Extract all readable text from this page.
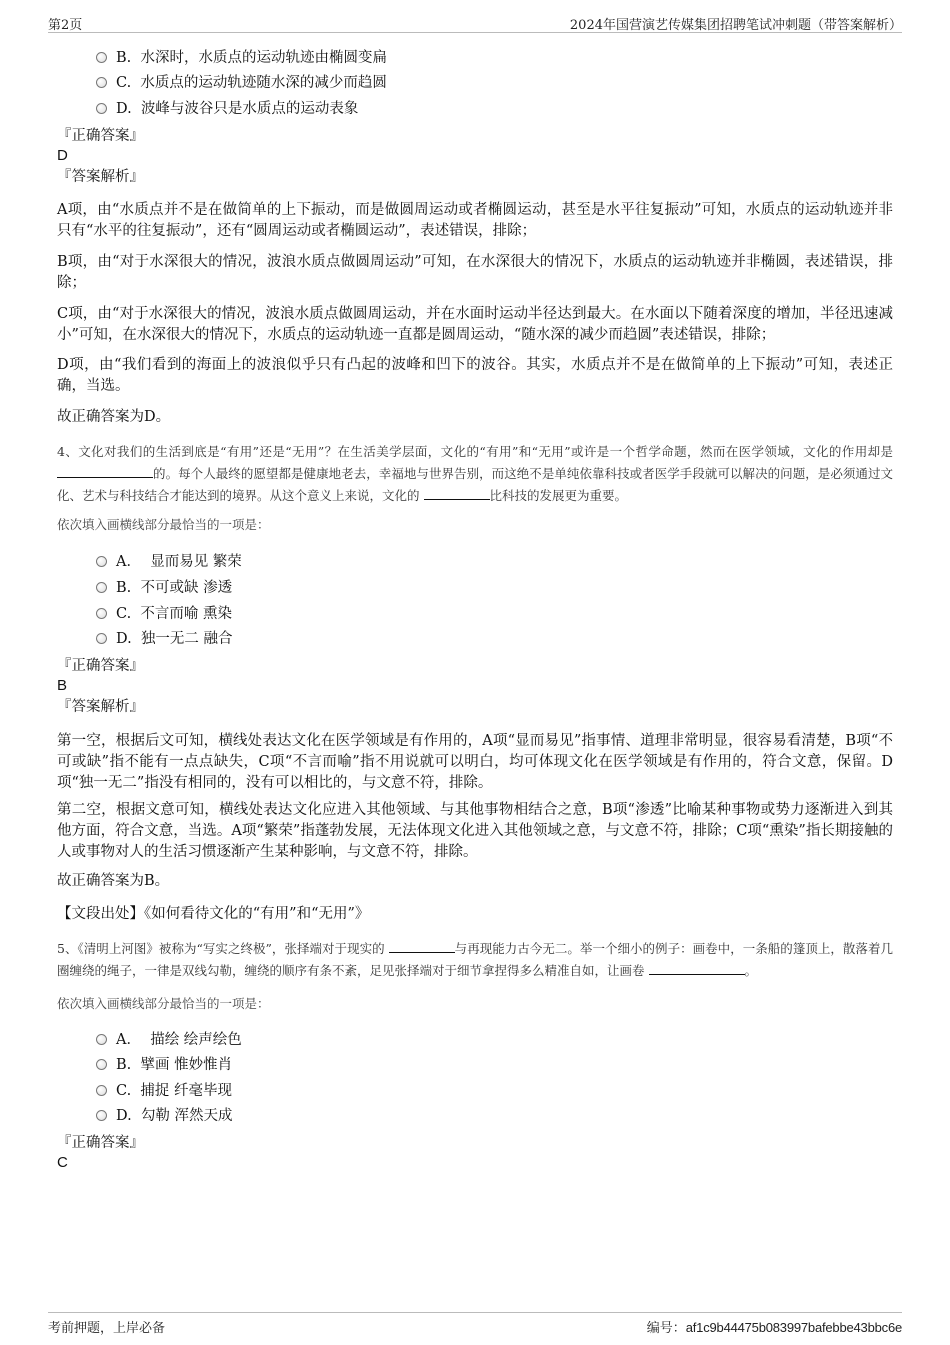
第2页	2024年国营演艺传媒集团招聘笔试冲刺题（带答案解析）
B. 水深时，水质点的运动轨迹由椭圆变扁
C. 水质点的运动轨迹随水深的减少而趋圆
D. 波峰与波谷只是水质点的运动表象
『正确答案』
D
『答案解析』
A项，由“水质点并不是在做简单的上下振动，而是做圆周运动或者椭圆运动，甚至是水平往复振动”可知，水质点的运动轨迹并非只有“水平的往复振动”，还有“圆周运动或者椭圆运动”，表述错误，排除；
B项，由“对于水深很大的情况，波浪水质点做圆周运动”可知，在水深很大的情况下，水质点的运动轨迹并非椭圆，表述错误，排除；
C项，由“对于水深很大的情况，波浪水质点做圆周运动，并在水面时运动半径达到最大。在水面以下随着深度的增加，半径迅速减小”可知，在水深很大的情况下，水质点的运动轨迹一直都是圆周运动，“随水深的减少而趋圆”表述错误，排除；
D项，由“我们看到的海面上的波浪似乎只有凸起的波峰和凹下的波谷。其实，水质点并不是在做简单的上下振动”可知，表述正确，当选。
故正确答案为D。
4、文化对我们的生活到底是“有用”还是“无用”？在生活美学层面，文化的“有用”和“无用”或许是一个哲学命题，然而在医学领域，文化的作用却是 的。每个人最终的愿望都是健康地老去，幸福地与世界告别，而这绝不是单纯依靠科技或者医学手段就可以解决的问题，是必须通过文化、艺术与科技结合才能达到的境界。从这个意义上来说，文化的	比科技的发展更为重要。
依次填入画横线部分最恰当的一项是：
A． 显而易见 繁荣
B. 不可或缺 渗透
C. 不言而喻 熏染
D. 独一无二 融合
『正确答案』
B
『答案解析』
第一空，根据后文可知，横线处表达文化在医学领域是有作用的，A项“显而易见”指事情、道理非常明显，很容易看清楚，B项“不可或缺”指不能有一点点缺失，C项“不言而喻”指不用说就可以明白，均可体现文化在医学领域是有作用的，符合文意，保留。D项“独一无二”指没有相同的，没有可以相比的，与文意不符，排除。
第二空，根据文意可知，横线处表达文化应进入其他领域、与其他事物相结合之意，B项“渗透”比喻某种事物或势力逐渐进入到其他方面，符合文意，当选。A项“繁荣”指蓬勃发展，无法体现文化进入其他领域之意，与文意不符，排除；C项“熏染”指长期接触的人或事物对人的生活习惯逐渐产生某种影响，与文意不符，排除。
故正确答案为B。
【文段出处】《如何看待文化的“有用”和“无用”》
5、《清明上河图》被称为“写实之终极”，张择端对于现实的	与再现能力古今无二。举一个细小的例子：画卷中，一条船的篷顶上，散落着几圈缠绕的绳子，一律是双线勾勒，缠绕的顺序有条不紊，足见张择端对于细节拿捏得多么精准自如，让画卷	。
依次填入画横线部分最恰当的一项是：
A． 描绘 绘声绘色
B. 擘画 惟妙惟肖
C. 捕捉 纤毫毕现
D. 勾勒 浑然天成
『正确答案』
C
考前押题，上岸必备	编号：af1c9b44475b083997bafebbe43bbc6e
